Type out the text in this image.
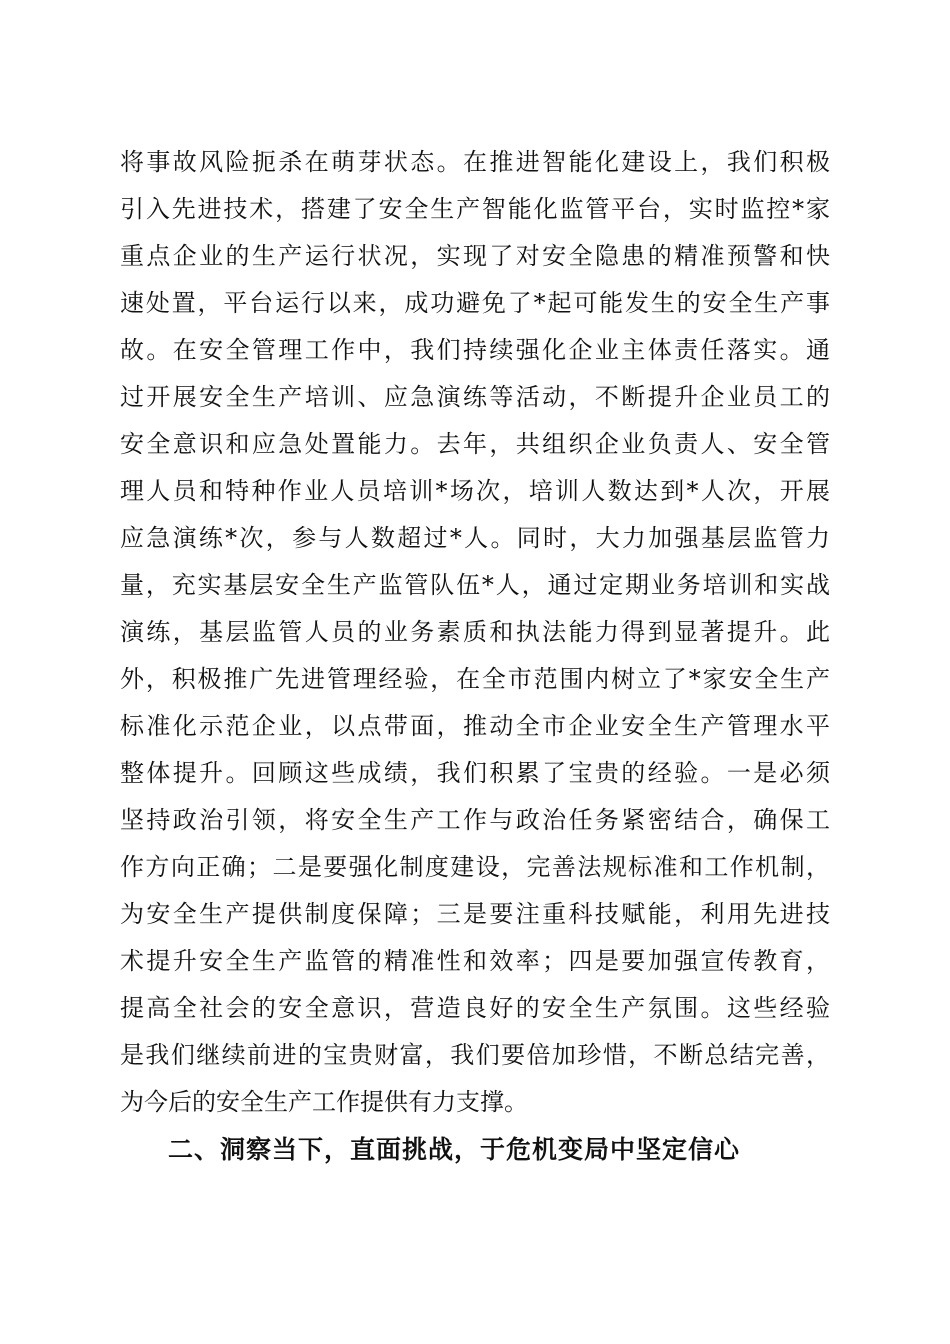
将事故风险扼杀在萌芽状态。在推进智能化建设上，我们积极
引入先进技术，搭建了安全生产智能化监管平台，实时监控*家
重点企业的生产运行状况，实现了对安全隐患的精准预警和快
速处置，平台运行以来，成功避免了*起可能发生的安全生产事
故。在安全管理工作中，我们持续强化企业主体责任落实。通
过开展安全生产培训、应急演练等活动，不断提升企业员工的
安全意识和应急处置能力。去年，共组织企业负责人、安全管
理人员和特种作业人员培训*场次，培训人数达到*人次，开展
应急演练*次，参与人数超过*人。同时，大力加强基层监管力
量，充实基层安全生产监管队伍*人，通过定期业务培训和实战
演练，基层监管人员的业务素质和执法能力得到显著提升。此
外，积极推广先进管理经验，在全市范围内树立了*家安全生产
标准化示范企业，以点带面，推动全市企业安全生产管理水平
整体提升。回顾这些成绩，我们积累了宝贵的经验。一是必须
坚持政治引领，将安全生产工作与政治任务紧密结合，确保工
作方向正确；二是要强化制度建设，完善法规标准和工作机制，
为安全生产提供制度保障；三是要注重科技赋能，利用先进技
术提升安全生产监管的精准性和效率；四是要加强宣传教育，
提高全社会的安全意识，营造良好的安全生产氛围。这些经验
是我们继续前进的宝贵财富，我们要倍加珍惜，不断总结完善，
为今后的安全生产工作提供有力支撑。
二、洞察当下，直面挑战，于危机变局中坚定信心
